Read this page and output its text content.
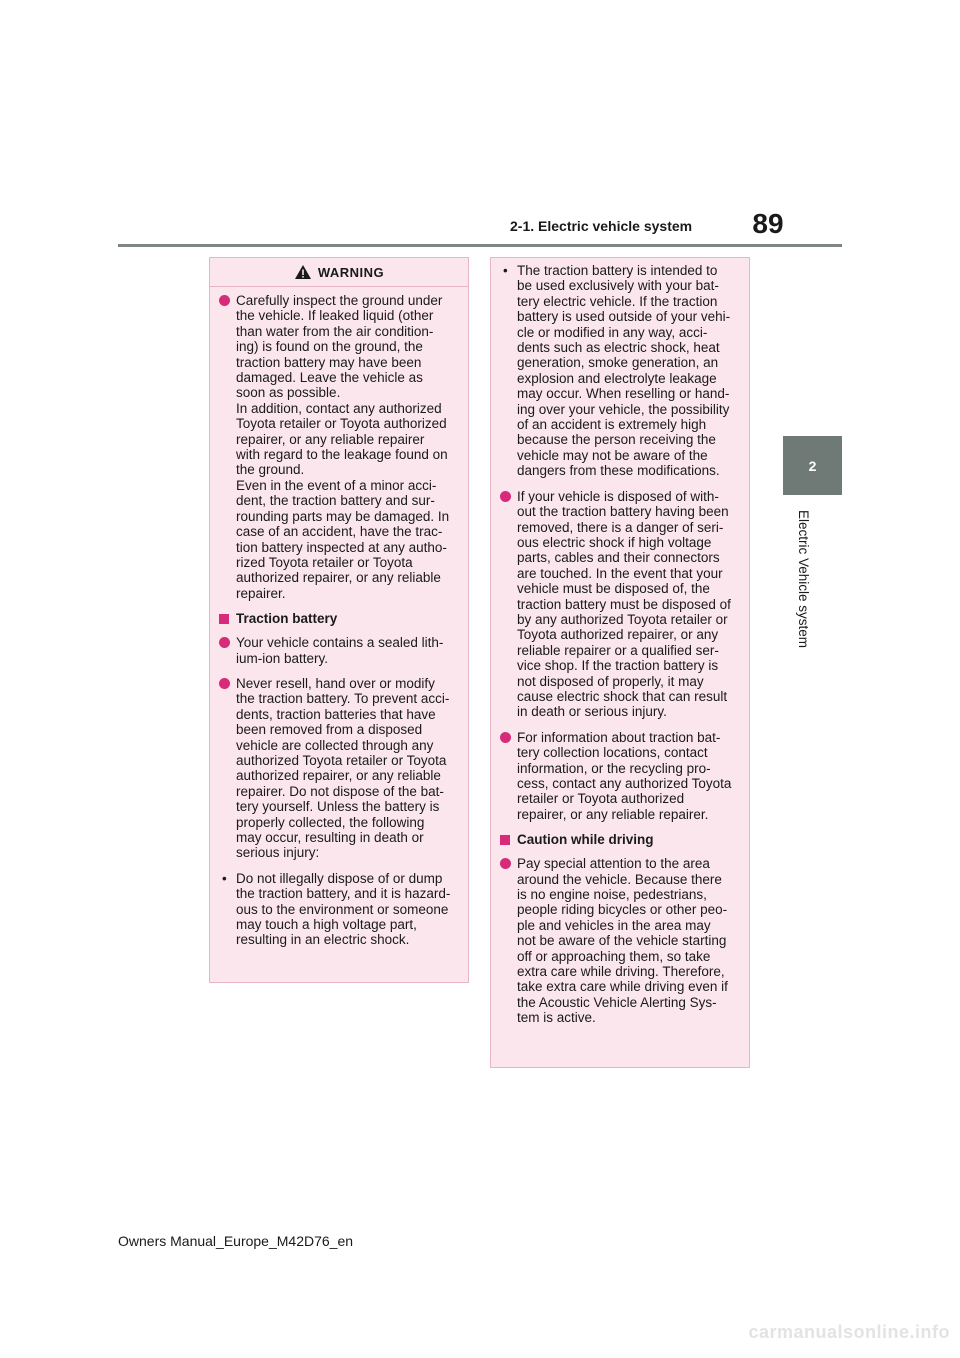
89
2-1. Electric vehicle system
2
Electric Vehicle system
WARNING
Carefully inspect the ground under
the vehicle. If leaked liquid (other
than water from the air condition-
ing) is found on the ground, the
traction battery may have been
damaged. Leave the vehicle as
soon as possible.
In addition, contact any authorized
Toyota retailer or Toyota authorized
repairer, or any reliable repairer
with regard to the leakage found on
the ground.
Even in the event of a minor acci-
dent, the traction battery and sur-
rounding parts may be damaged. In
case of an accident, have the trac-
tion battery inspected at any autho-
rized Toyota retailer or Toyota
authorized repairer, or any reliable
repairer.
Traction battery
Your vehicle contains a sealed lith-
ium-ion battery.
Never resell, hand over or modify
the traction battery. To prevent acci-
dents, traction batteries that have
been removed from a disposed
vehicle are collected through any
authorized Toyota retailer or Toyota
authorized repairer, or any reliable
repairer. Do not dispose of the bat-
tery yourself. Unless the battery is
properly collected, the following
may occur, resulting in death or
serious injury:
• Do not illegally dispose of or dump
the traction battery, and it is hazard-
ous to the environment or someone
may touch a high voltage part,
resulting in an electric shock.
• The traction battery is intended to
be used exclusively with your bat-
tery electric vehicle. If the traction
battery is used outside of your vehi-
cle or modified in any way, acci-
dents such as electric shock, heat
generation, smoke generation, an
explosion and electrolyte leakage
may occur. When reselling or hand-
ing over your vehicle, the possibility
of an accident is extremely high
because the person receiving the
vehicle may not be aware of the
dangers from these modifications.
If your vehicle is disposed of with-
out the traction battery having been
removed, there is a danger of seri-
ous electric shock if high voltage
parts, cables and their connectors
are touched. In the event that your
vehicle must be disposed of, the
traction battery must be disposed of
by any authorized Toyota retailer or
Toyota authorized repairer, or any
reliable repairer or a qualified ser-
vice shop. If the traction battery is
not disposed of properly, it may
cause electric shock that can result
in death or serious injury.
For information about traction bat-
tery collection locations, contact
information, or the recycling pro-
cess, contact any authorized Toyota
retailer or Toyota authorized
repairer, or any reliable repairer.
Caution while driving
Pay special attention to the area
around the vehicle. Because there
is no engine noise, pedestrians,
people riding bicycles or other peo-
ple and vehicles in the area may
not be aware of the vehicle starting
off or approaching them, so take
extra care while driving. Therefore,
take extra care while driving even if
the Acoustic Vehicle Alerting Sys-
tem is active.
Owners Manual_Europe_M42D76_en
carmanualsonline.info
